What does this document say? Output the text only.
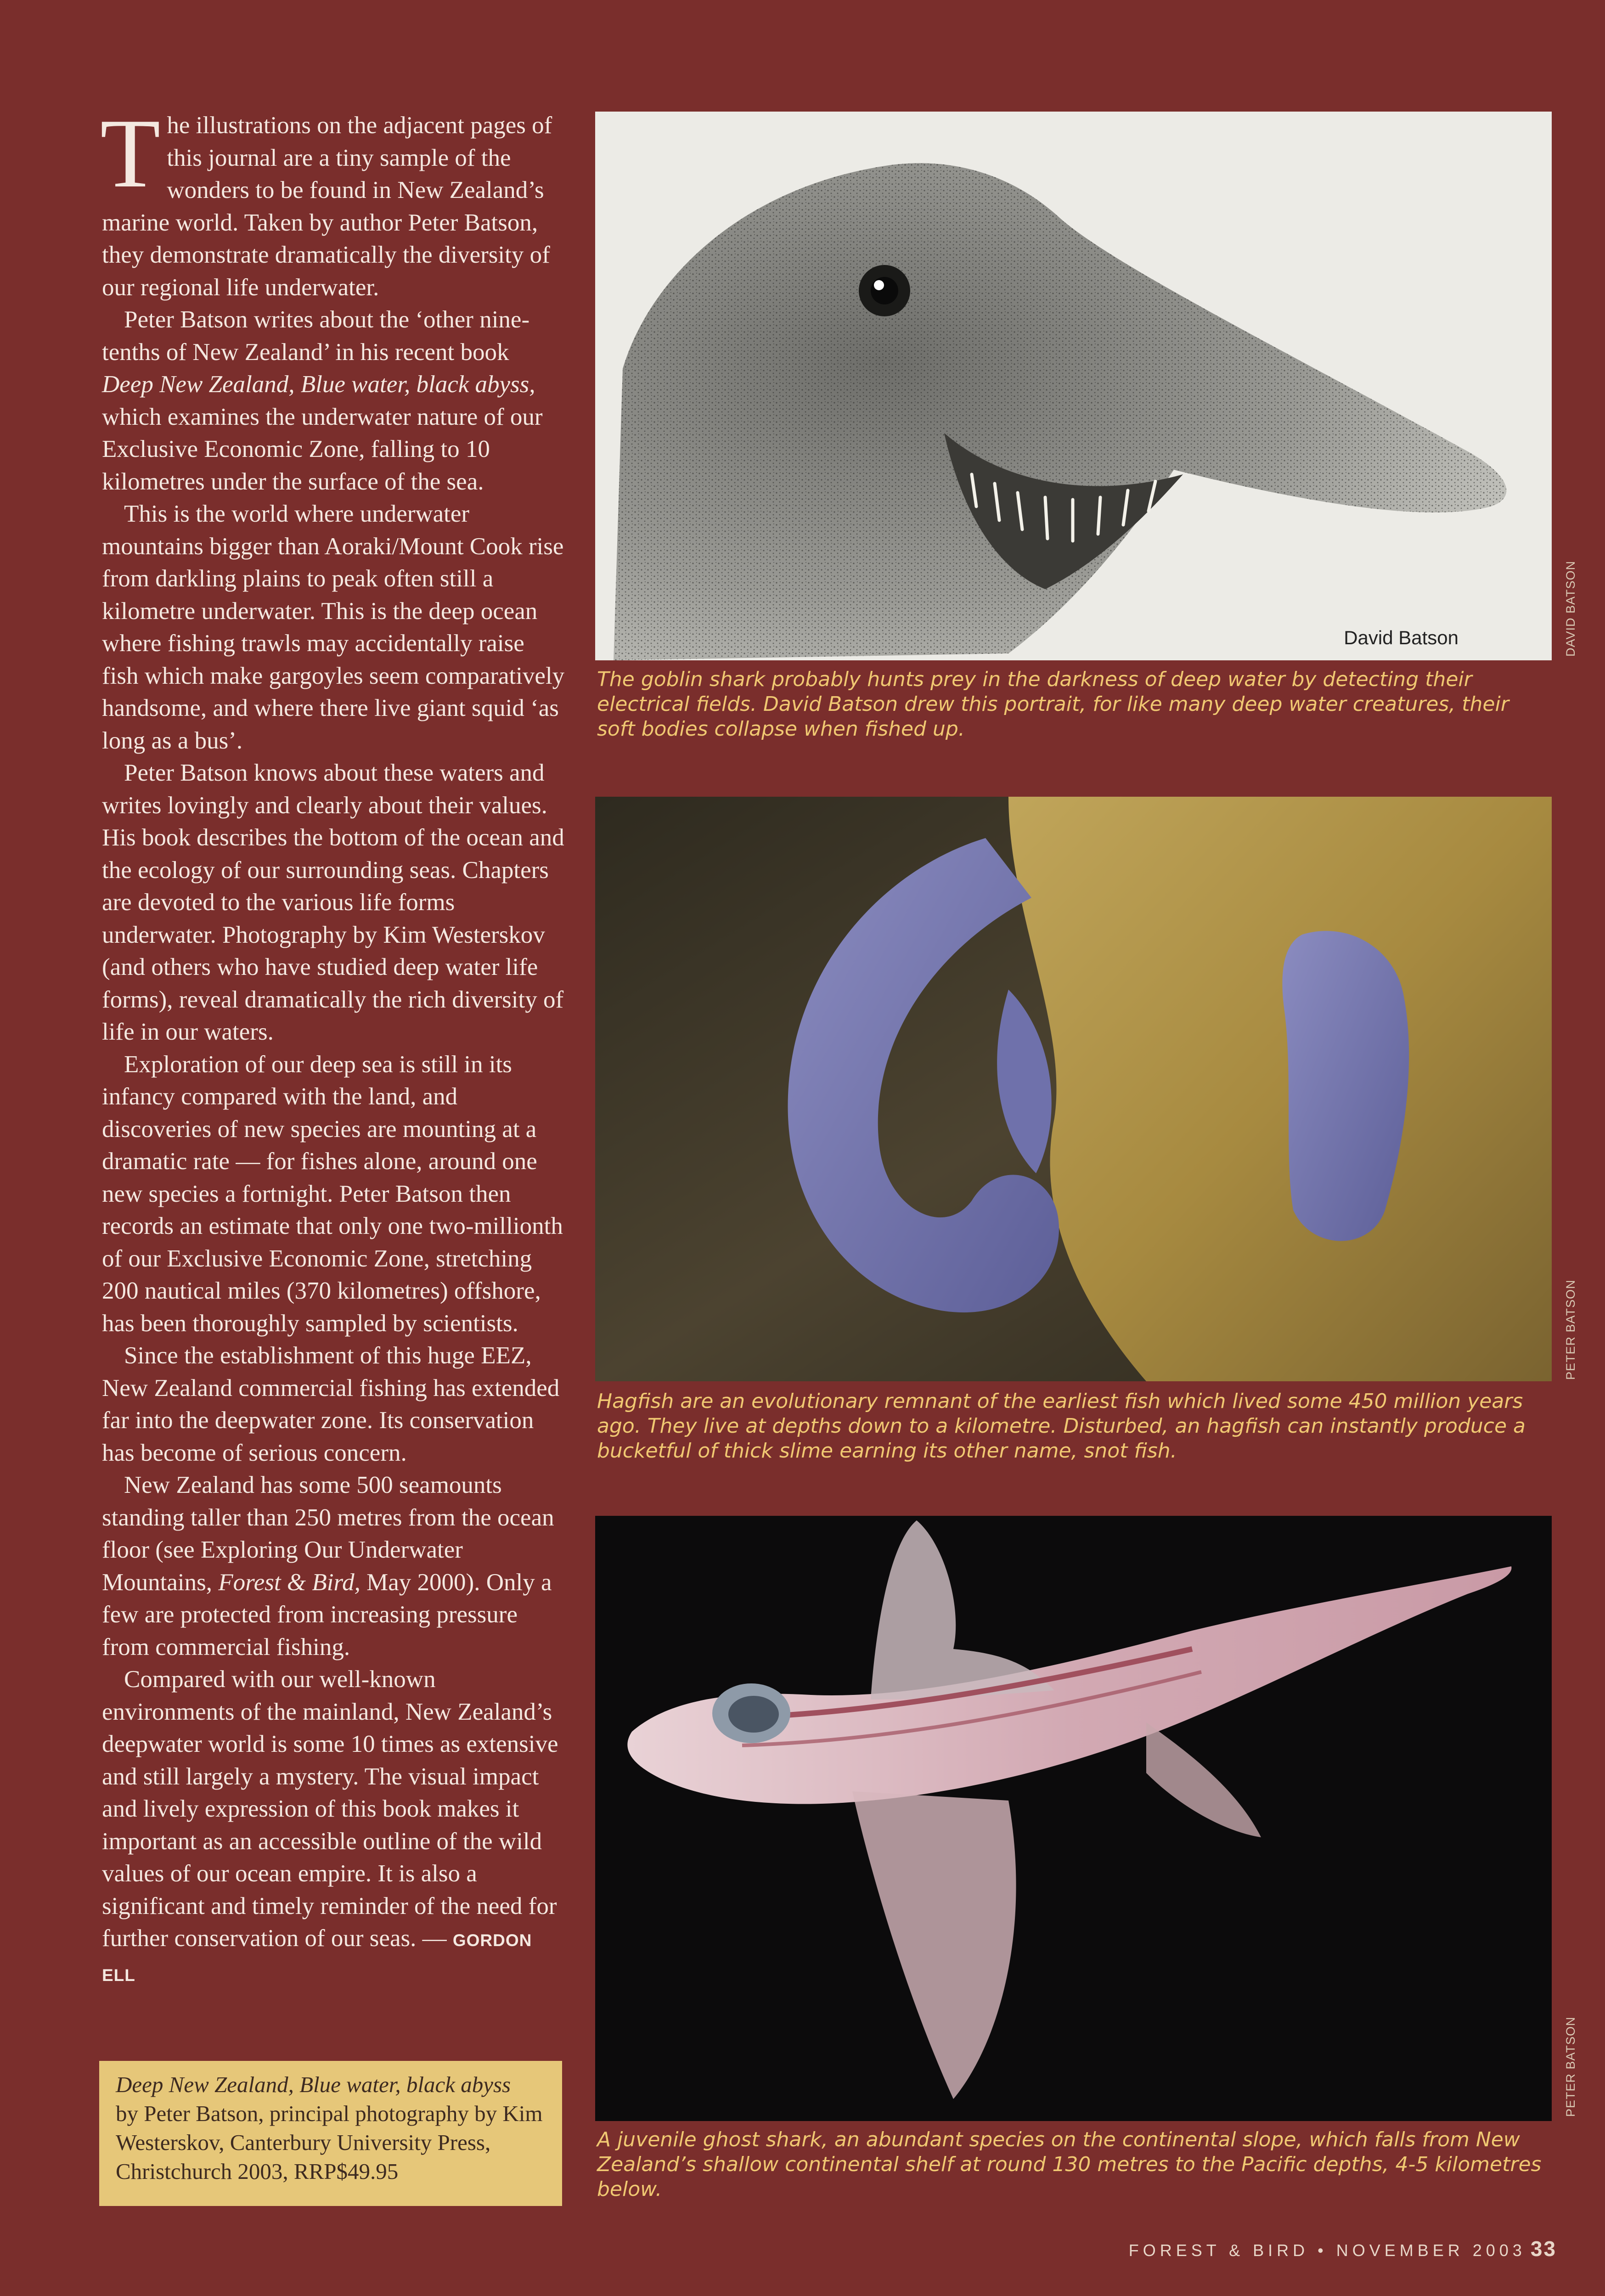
The illustrations on the adjacent pages of this journal are a tiny sample of the wonders to be found in New Zealand’s marine world. Taken by author Peter Batson, they demonstrate dramatically the diversity of our regional life underwater.

Peter Batson writes about the ‘other nine-tenths of New Zealand’ in his recent book Deep New Zealand, Blue water, black abyss, which examines the underwater nature of our Exclusive Economic Zone, falling to 10 kilometres under the surface of the sea.

This is the world where underwater mountains bigger than Aoraki/Mount Cook rise from darkling plains to peak often still a kilometre underwater. This is the deep ocean where fishing trawls may accidentally raise fish which make gargoyles seem comparatively handsome, and where there live giant squid ‘as long as a bus’.

Peter Batson knows about these waters and writes lovingly and clearly about their values. His book describes the bottom of the ocean and the ecology of our surrounding seas. Chapters are devoted to the various life forms underwater. Photography by Kim Westerskov (and others who have studied deep water life forms), reveal dramatically the rich diversity of life in our waters.

Exploration of our deep sea is still in its infancy compared with the land, and discoveries of new species are mounting at a dramatic rate — for fishes alone, around one new species a fortnight. Peter Batson then records an estimate that only one two-millionth of our Exclusive Economic Zone, stretching 200 nautical miles (370 kilometres) offshore, has been thoroughly sampled by scientists.

Since the establishment of this huge EEZ, New Zealand commercial fishing has extended far into the deepwater zone. Its conservation has become of serious concern.

New Zealand has some 500 seamounts standing taller than 250 metres from the ocean floor (see Exploring Our Underwater Mountains, Forest & Bird, May 2000). Only a few are protected from increasing pressure from commercial fishing.

Compared with our well-known environments of the mainland, New Zealand’s deepwater world is some 10 times as extensive and still largely a mystery. The visual impact and lively expression of this book makes it important as an accessible outline of the wild values of our ocean empire. It is also a significant and timely reminder of the need for further conservation of our seas. — GORDON ELL

Deep New Zealand, Blue water, black abyss
by Peter Batson, principal photography by Kim Westerskov, Canterbury University Press, Christchurch 2003, RRP$49.95
David Batson	DAVID BATSON
The goblin shark probably hunts prey in the darkness of deep water by detecting their electrical fields. David Batson drew this portrait, for like many deep water creatures, their soft bodies collapse when fished up.
PETER BATSON
Hagfish are an evolutionary remnant of the earliest fish which lived some 450 million years ago. They live at depths down to a kilometre. Disturbed, an hagfish can instantly produce a bucketful of thick slime earning its other name, snot fish.
PETER BATSON
A juvenile ghost shark, an abundant species on the continental slope, which falls from New Zealand’s shallow continental shelf at round 130 metres to the Pacific depths, 4-5 kilometres below.
FOREST & BIRD • NOVEMBER 2003 33
